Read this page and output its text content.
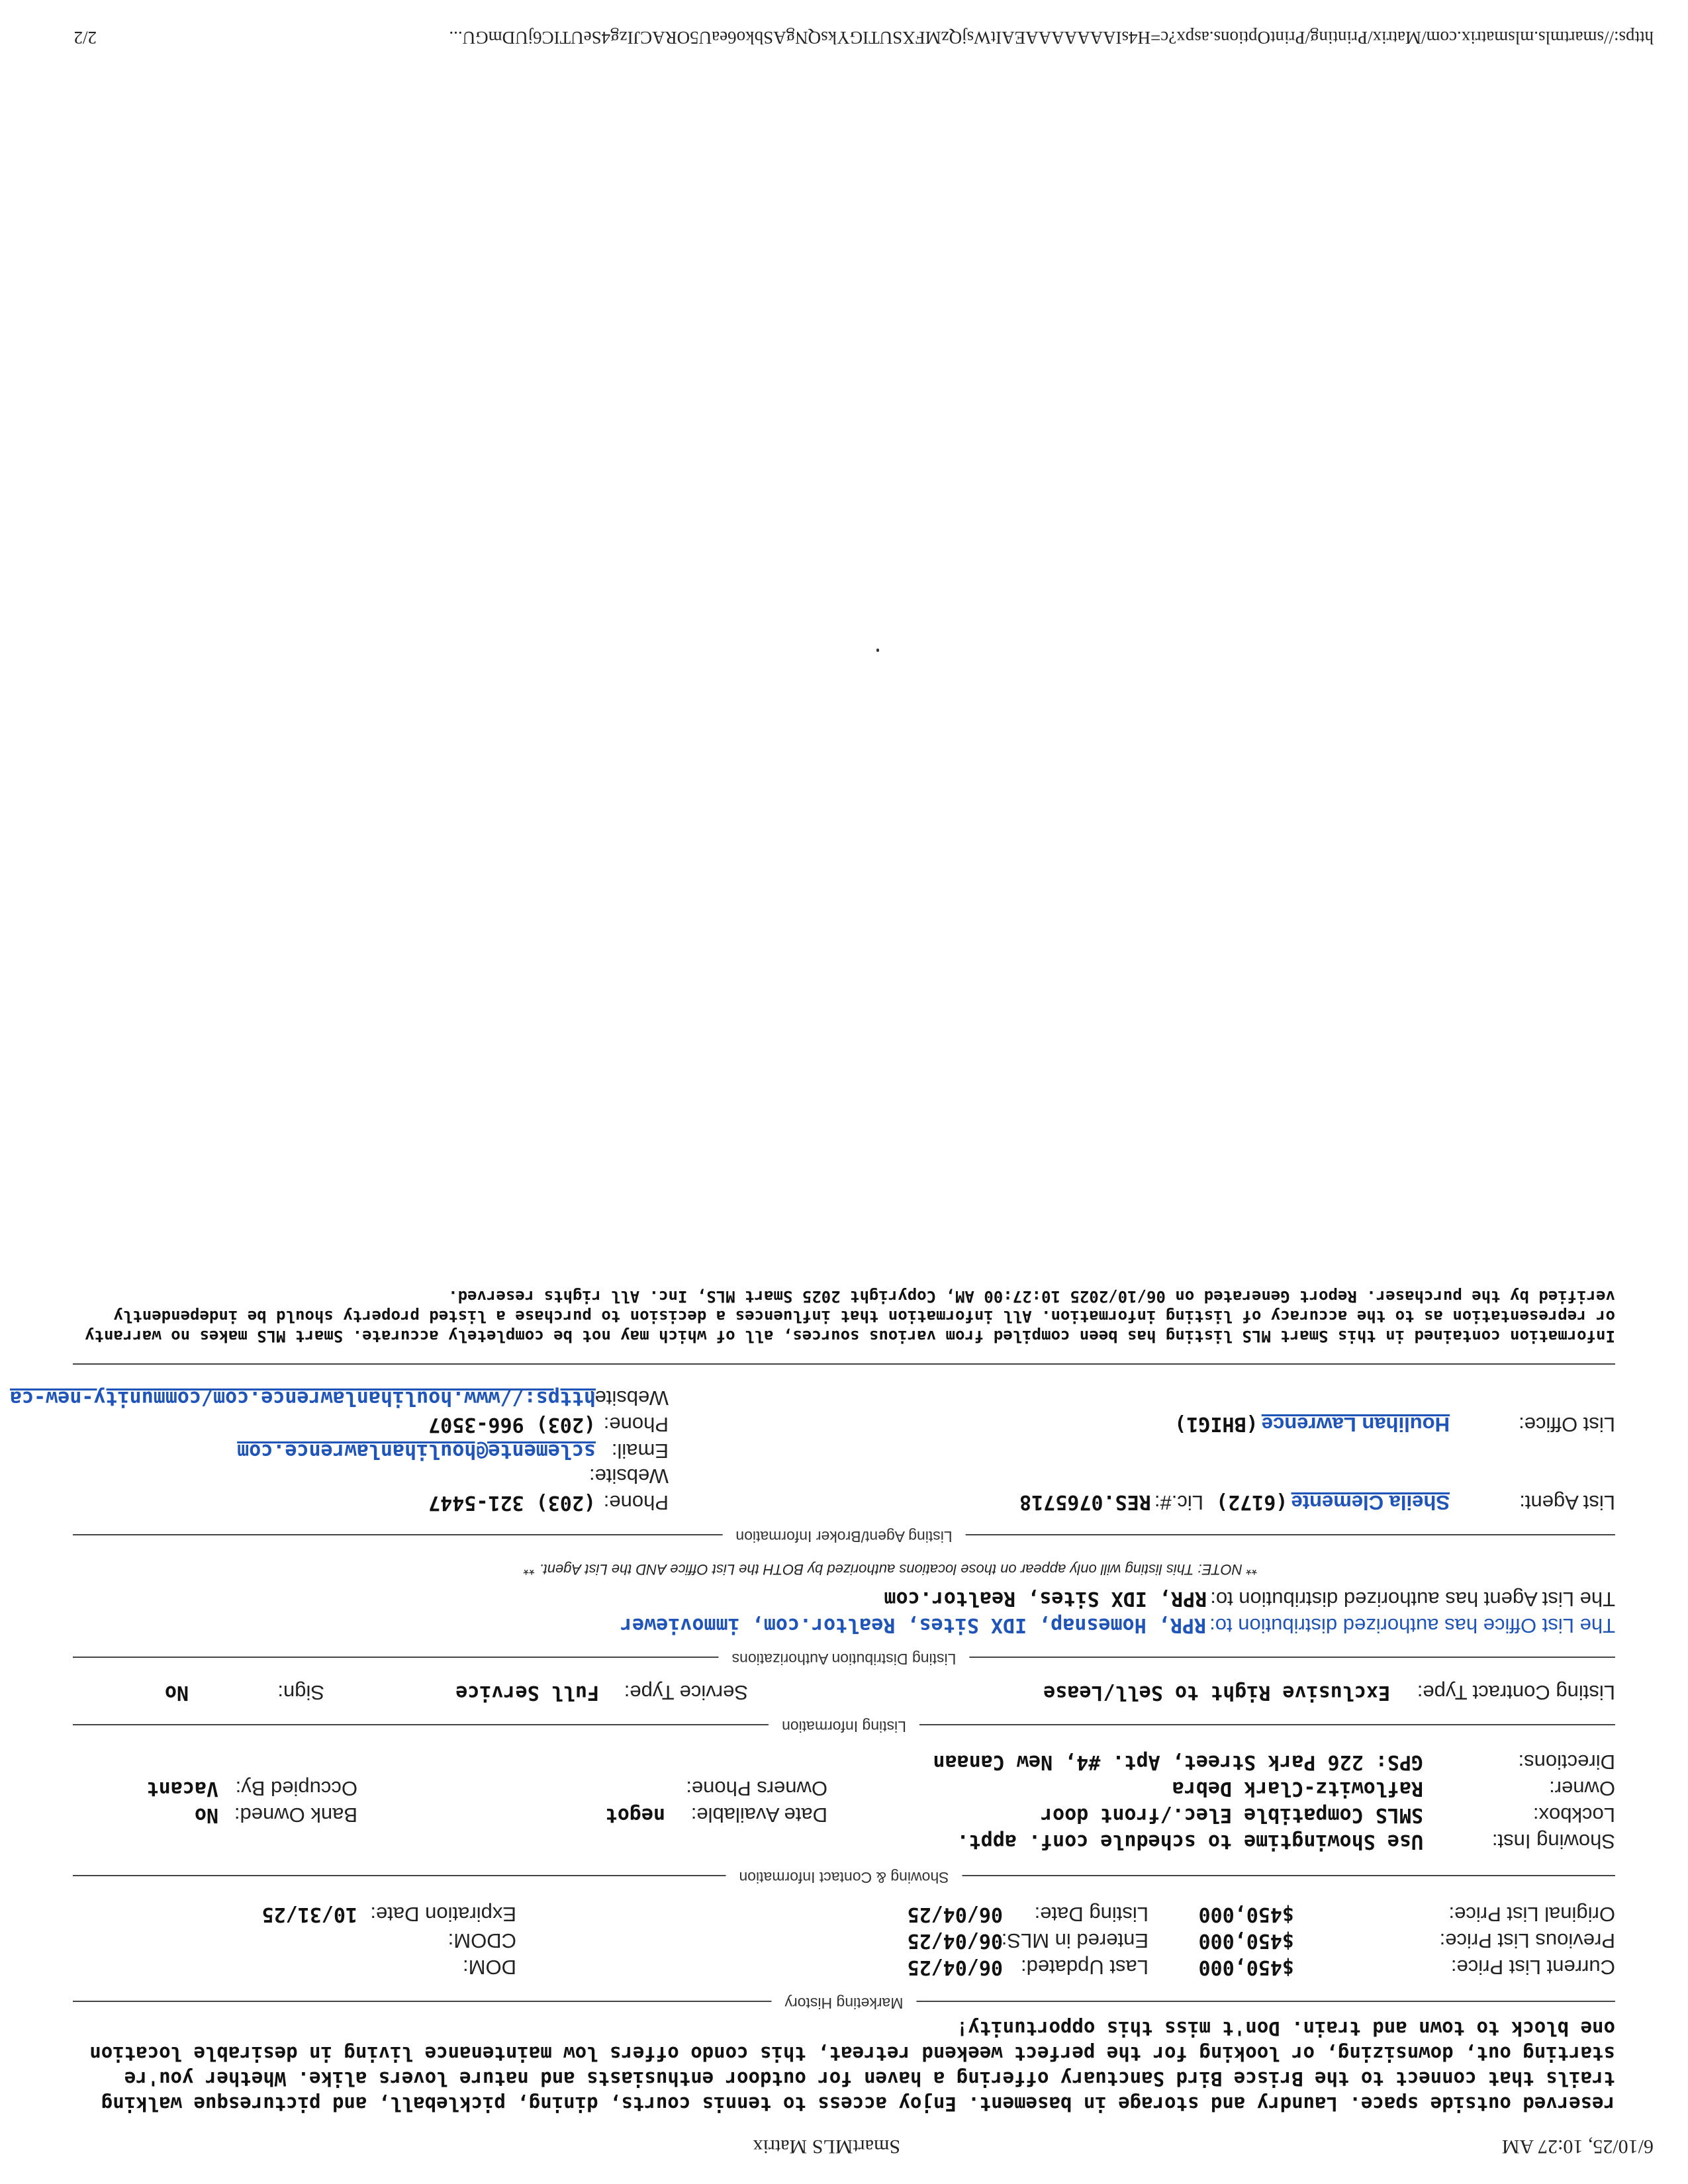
6/10/25, 10:27 AM
SmartMLS Matrix
reserved outside space. Laundry and storage in basement. Enjoy access to tennis courts, dining, pickleball, and picturesque walking trails that connect to the Brisce Bird Sanctuary offering a haven for outdoor enthusiasts and nature lovers alike. Whether you're starting out, downsizing, or looking for the perfect weekend retreat, this condo offers low maintenance living in desirable location one block to town and train. Don't miss this opportunity!
Marketing History
Current List Price:
$450,000
Last Updated:
06/04/25
DOM:
Previous List Price:
$450,000
Entered in MLS:
06/04/25
CDOM:
Original List Price:
$450,000
Listing Date:
06/04/25
Expiration Date:
10/31/25
Showing & Contact Information
Showing Inst:
Use Showingtime to schedule conf. appt.
Lockbox:
SMLS Compatible Elec./front door
Date Available:
negot
Bank Owned:
No
Owner:
Raflowitz-Clark Debra
Owners Phone:
Occupied By:
Vacant
Directions:
GPS: 226 Park Street, Apt. #4, New Canaan
Listing Information
Listing Contract Type:
Exclusive Right to Sell/Lease
Service Type:
Full Service
Sign:
No
Listing Distribution Authorizations
The List Office has authorized distribution to: RPR, Homesnap, IDX Sites, Realtor.com, immoviewer
The List Agent has authorized distribution to: RPR, IDX Sites, Realtor.com
** NOTE: This listing will only appear on those locations authorized by BOTH the List Office AND the List Agent. **
Listing Agent/Broker Information
List Agent:
Sheila Clemente (6172) Lic.#: RES.0765718
Phone:
(203) 321-5447
Website:
Email:
sclemente@houlihanlawrence.com
List Office:
Houlihan Lawrence (BHIG1)
Phone:
(203) 966-3507
Website:
https://www.houlihanlawrence.com/community-new-ca
Information contained in this Smart MLS listing has been compiled from various sources, all of which may not be completely accurate. Smart MLS makes no warranty or representation as to the accuracy of listing information. All information that influences a decision to purchase a listed property should be independently verified by the purchaser. Report Generated on 06/10/2025 10:27:00 AM, Copyright 2025 Smart MLS, Inc. All rights reserved.
https://smartmls.mlsmatrix.com/Matrix/Printing/PrintOptions.aspx?c=H4sIAAAAAAAEAItWsjQzMFXSUTIGYksQNgASbko6eaU5ORACJIzg4SeUTIC6jUDmGU...
2/2
